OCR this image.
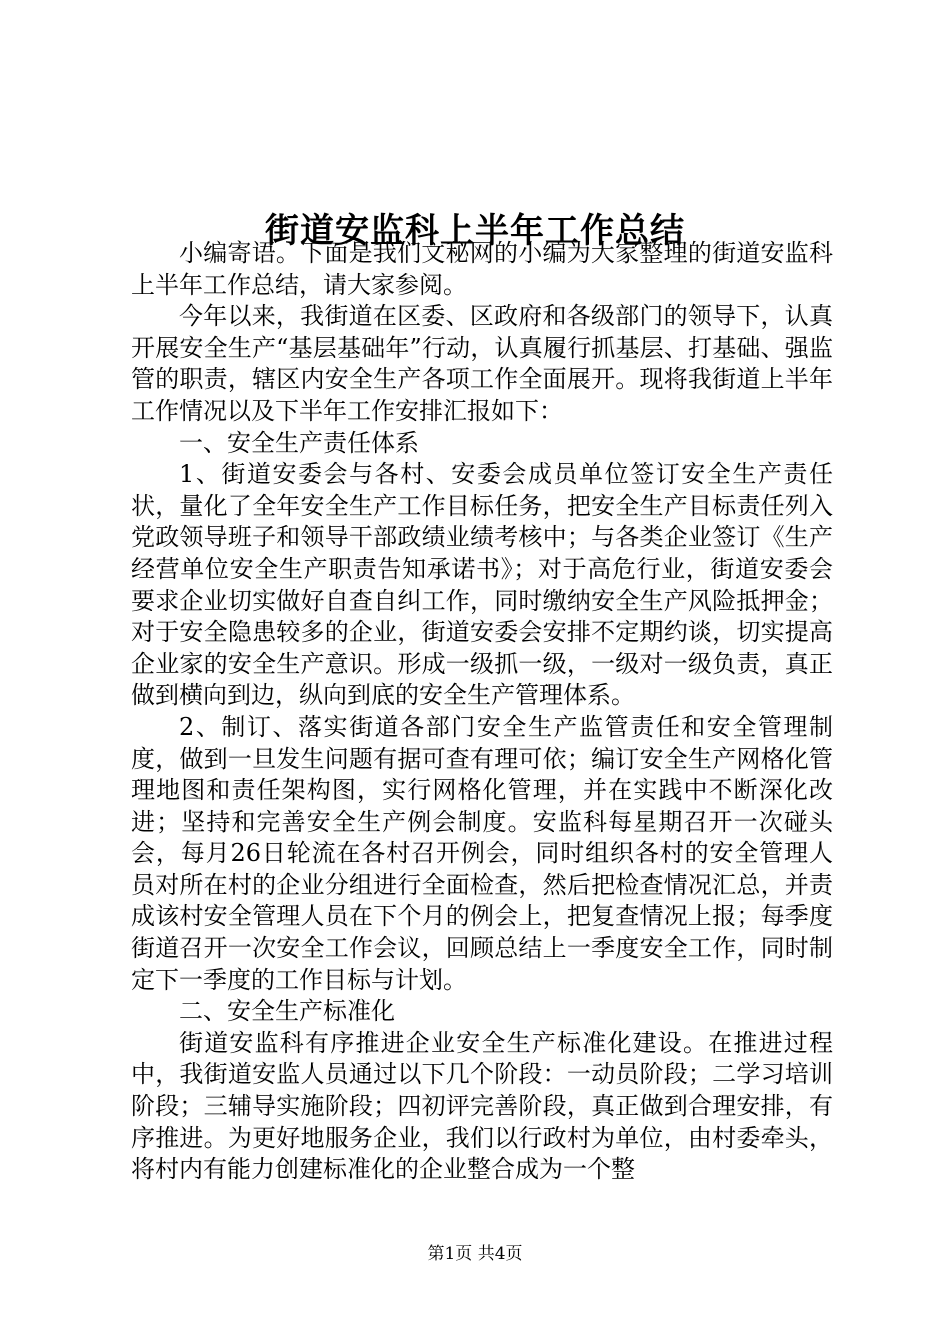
街道安监科上半年工作总结

小编寄语。下面是我们文秘网的小编为大家整理的街道安监科上半年工作总结，请大家参阅。

今年以来，我街道在区委、区政府和各级部门的领导下，认真开展安全生产“基层基础年”行动，认真履行抓基层、打基础、强监管的职责，辖区内安全生产各项工作全面展开。现将我街道上半年工作情况以及下半年工作安排汇报如下：

一、安全生产责任体系

1、街道安委会与各村、安委会成员单位签订安全生产责任状，量化了全年安全生产工作目标任务，把安全生产目标责任列入党政领导班子和领导干部政绩业绩考核中；与各类企业签订《生产经营单位安全生产职责告知承诺书》；对于高危行业，街道安委会要求企业切实做好自查自纠工作，同时缴纳安全生产风险抵押金；对于安全隐患较多的企业，街道安委会安排不定期约谈，切实提高企业家的安全生产意识。形成一级抓一级，一级对一级负责，真正做到横向到边，纵向到底的安全生产管理体系。

2、制订、落实街道各部门安全生产监管责任和安全管理制度，做到一旦发生问题有据可查有理可依；编订安全生产网格化管理地图和责任架构图，实行网格化管理，并在实践中不断深化改进；坚持和完善安全生产例会制度。安监科每星期召开一次碰头会，每月26日轮流在各村召开例会，同时组织各村的安全管理人员对所在村的企业分组进行全面检查，然后把检查情况汇总，并责成该村安全管理人员在下个月的例会上，把复查情况上报；每季度街道召开一次安全工作会议，回顾总结上一季度安全工作，同时制定下一季度的工作目标与计划。

二、安全生产标准化

街道安监科有序推进企业安全生产标准化建设。在推进过程中，我街道安监人员通过以下几个阶段：一动员阶段；二学习培训阶段；三辅导实施阶段；四初评完善阶段，真正做到合理安排，有序推进。为更好地服务企业，我们以行政村为单位，由村委牵头，将村内有能力创建标准化的企业整合成为一个整

第1页 共4页
